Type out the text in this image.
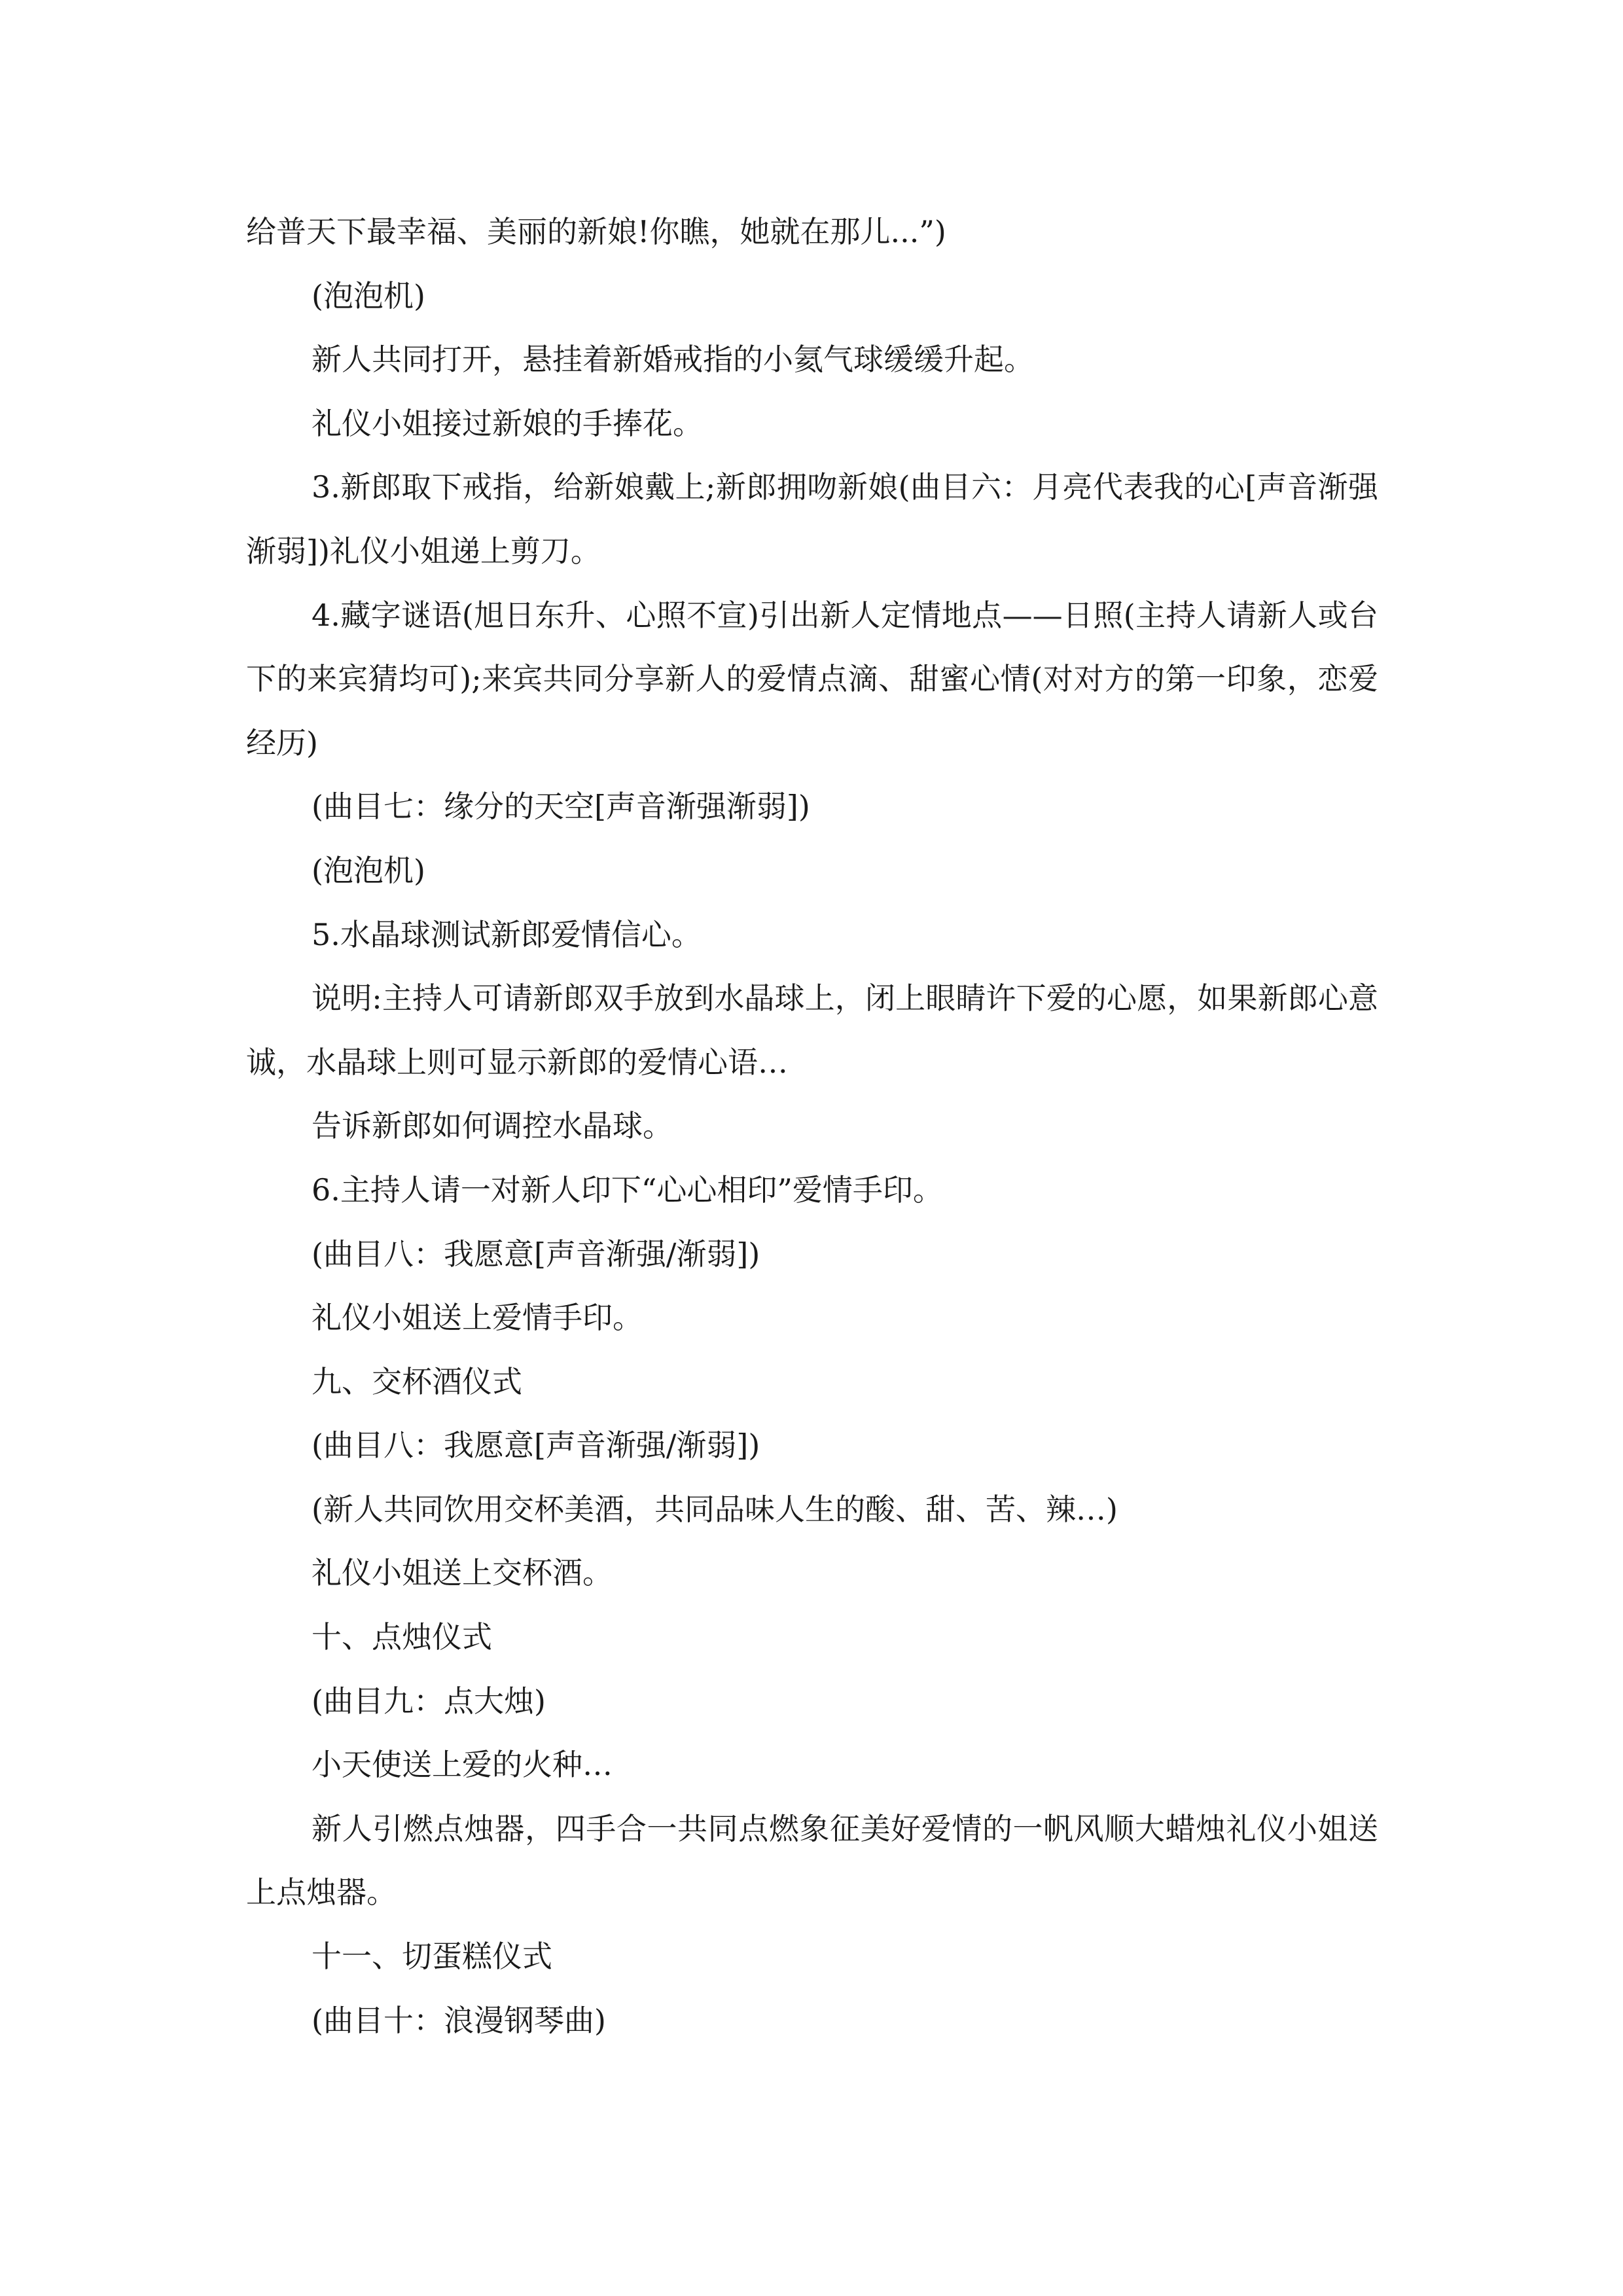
给普天下最幸福、美丽的新娘!你瞧，她就在那儿...”)

(泡泡机)

新人共同打开，悬挂着新婚戒指的小氦气球缓缓升起。

礼仪小姐接过新娘的手捧花。

3.新郎取下戒指，给新娘戴上;新郎拥吻新娘(曲目六：月亮代表我的心[声音渐强渐弱])礼仪小姐递上剪刀。

4.藏字谜语(旭日东升、心照不宣)引出新人定情地点——日照(主持人请新人或台下的来宾猜均可);来宾共同分享新人的爱情点滴、甜蜜心情(对对方的第一印象，恋爱经历)

(曲目七：缘分的天空[声音渐强渐弱])

(泡泡机)

5.水晶球测试新郎爱情信心。

说明:主持人可请新郎双手放到水晶球上，闭上眼睛许下爱的心愿，如果新郎心意诚，水晶球上则可显示新郎的爱情心语…

告诉新郎如何调控水晶球。

6.主持人请一对新人印下“心心相印”爱情手印。

(曲目八：我愿意[声音渐强/渐弱])

礼仪小姐送上爱情手印。

九、交杯酒仪式

(曲目八：我愿意[声音渐强/渐弱])

(新人共同饮用交杯美酒，共同品味人生的酸、甜、苦、辣…)

礼仪小姐送上交杯酒。

十、点烛仪式

(曲目九：点大烛)

小天使送上爱的火种…

新人引燃点烛器，四手合一共同点燃象征美好爱情的一帆风顺大蜡烛礼仪小姐送上点烛器。

十一、切蛋糕仪式

(曲目十：浪漫钢琴曲)
